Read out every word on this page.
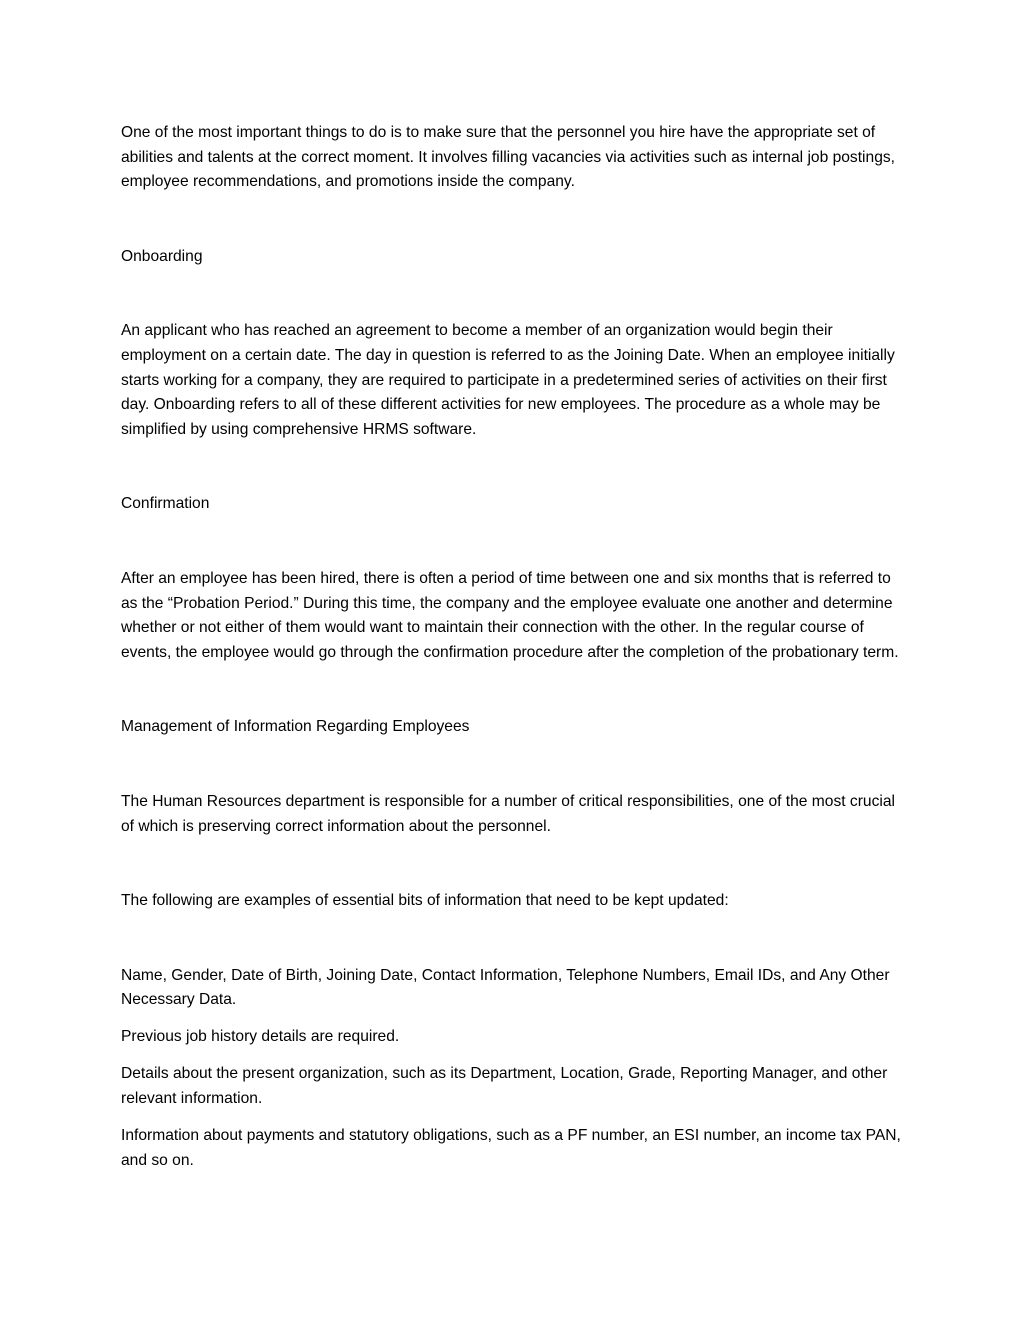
One of the most important things to do is to make sure that the personnel you hire have the appropriate set of abilities and talents at the correct moment. It involves filling vacancies via activities such as internal job postings, employee recommendations, and promotions inside the company.

Onboarding

An applicant who has reached an agreement to become a member of an organization would begin their employment on a certain date. The day in question is referred to as the Joining Date. When an employee initially starts working for a company, they are required to participate in a predetermined series of activities on their first day. Onboarding refers to all of these different activities for new employees. The procedure as a whole may be simplified by using comprehensive HRMS software.

Confirmation

After an employee has been hired, there is often a period of time between one and six months that is referred to as the “Probation Period.” During this time, the company and the employee evaluate one another and determine whether or not either of them would want to maintain their connection with the other. In the regular course of events, the employee would go through the confirmation procedure after the completion of the probationary term.

Management of Information Regarding Employees

The Human Resources department is responsible for a number of critical responsibilities, one of the most crucial of which is preserving correct information about the personnel.

The following are examples of essential bits of information that need to be kept updated:

Name, Gender, Date of Birth, Joining Date, Contact Information, Telephone Numbers, Email IDs, and Any Other Necessary Data.

Previous job history details are required.

Details about the present organization, such as its Department, Location, Grade, Reporting Manager, and other relevant information.

Information about payments and statutory obligations, such as a PF number, an ESI number, an income tax PAN, and so on.
